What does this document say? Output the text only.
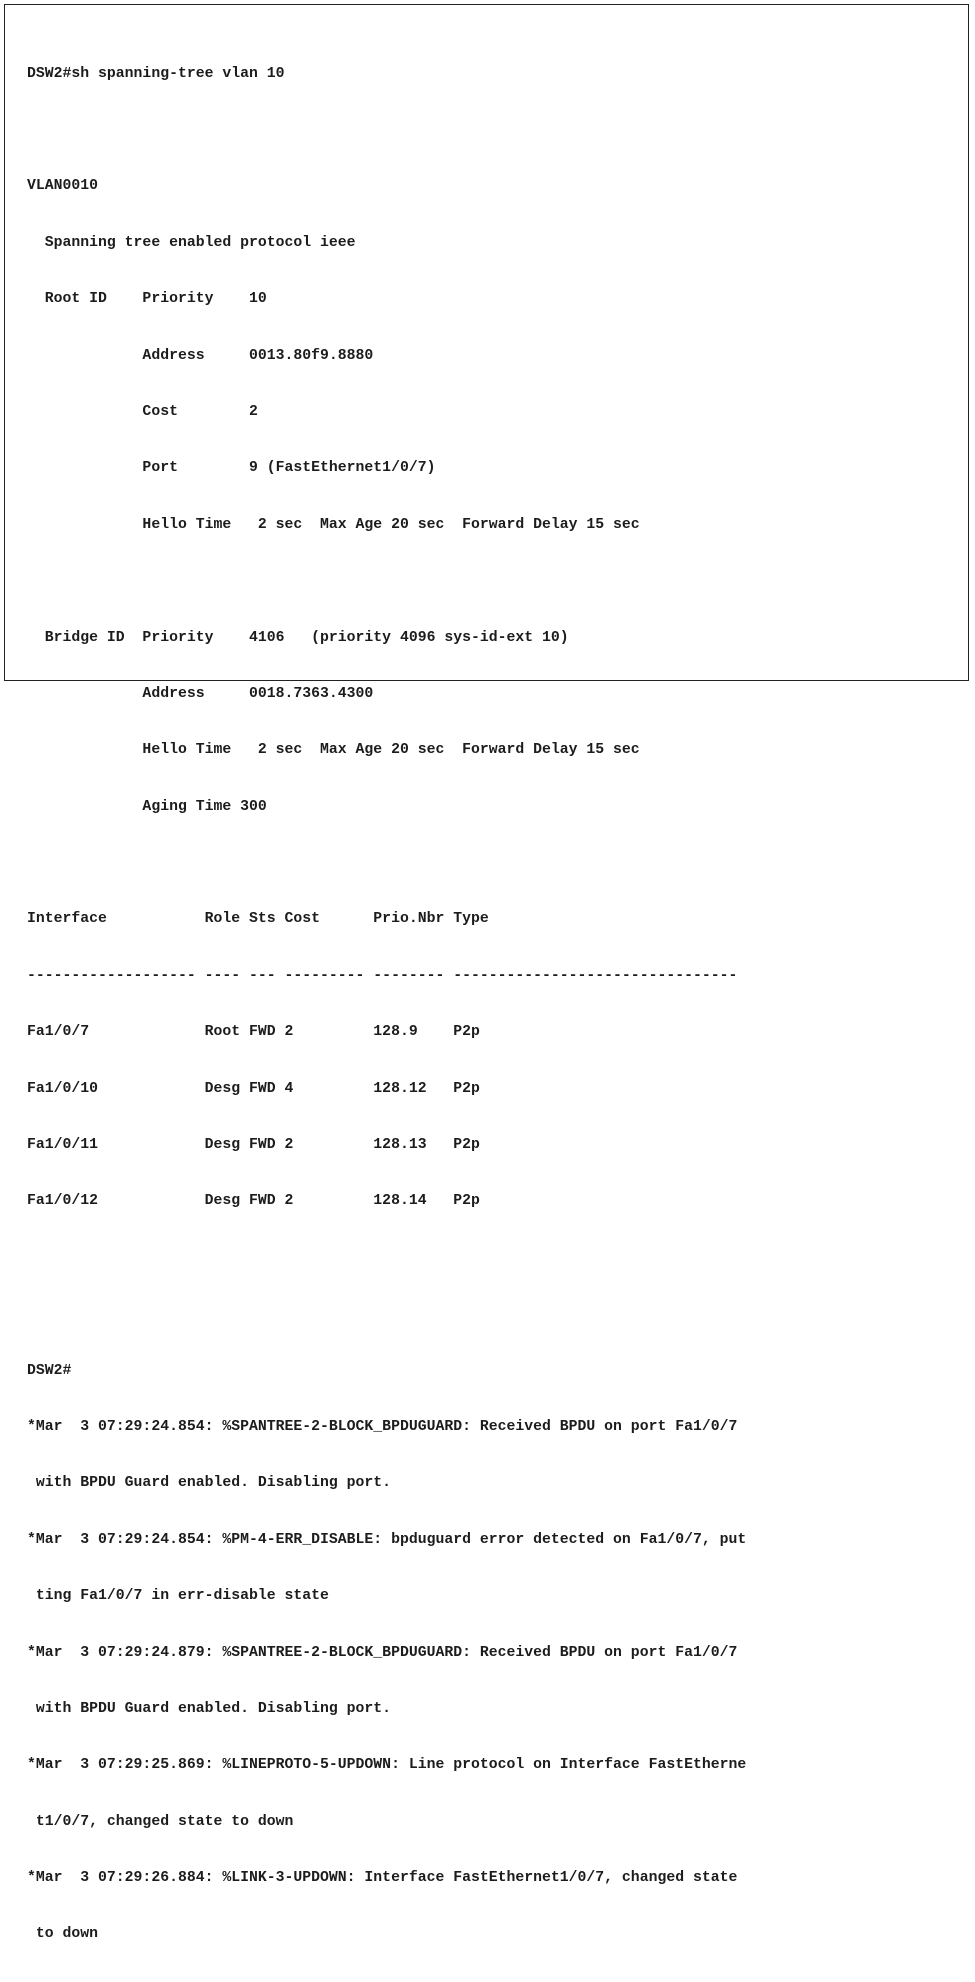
DSW2#sh spanning-tree vlan 10

VLAN0010

Spanning tree enabled protocol ieee

Root ID    Priority    10

Address     0013.80f9.8880

Cost        2

Port        9 (FastEthernet1/0/7)

Hello Time   2 sec  Max Age 20 sec  Forward Delay 15 sec

Bridge ID  Priority    4106   (priority 4096 sys-id-ext 10)

Address     0018.7363.4300

Hello Time   2 sec  Max Age 20 sec  Forward Delay 15 sec

Aging Time 300

Interface           Role Sts Cost      Prio.Nbr Type

------------------- ---- --- --------- -------- --------------------------------

Fa1/0/7             Root FWD 2         128.9    P2p

Fa1/0/10            Desg FWD 4         128.12   P2p

Fa1/0/11            Desg FWD 2         128.13   P2p

Fa1/0/12            Desg FWD 2         128.14   P2p

DSW2#

*Mar  3 07:29:24.854: %SPANTREE-2-BLOCK_BPDUGUARD: Received BPDU on port Fa1/0/7

with BPDU Guard enabled. Disabling port.

*Mar  3 07:29:24.854: %PM-4-ERR_DISABLE: bpduguard error detected on Fa1/0/7, put

ting Fa1/0/7 in err-disable state

*Mar  3 07:29:24.879: %SPANTREE-2-BLOCK_BPDUGUARD: Received BPDU on port Fa1/0/7

with BPDU Guard enabled. Disabling port.

*Mar  3 07:29:25.869: %LINEPROTO-5-UPDOWN: Line protocol on Interface FastEtherne

t1/0/7, changed state to down

*Mar  3 07:29:26.884: %LINK-3-UPDOWN: Interface FastEthernet1/0/7, changed state

to down
